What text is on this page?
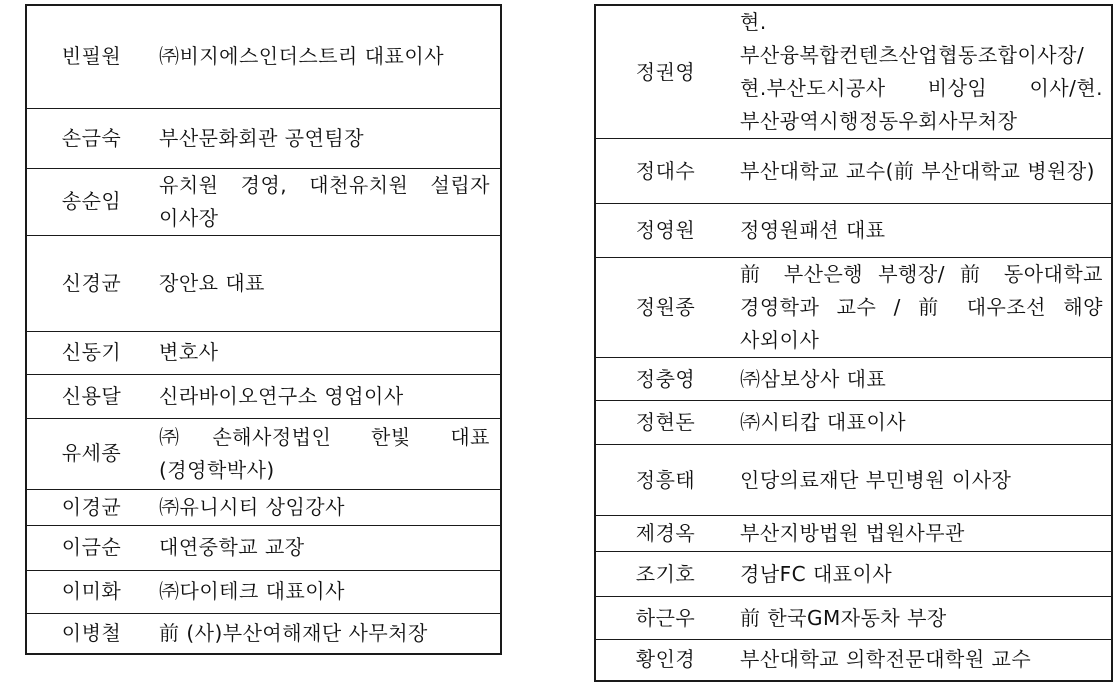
빈필원	㈜비지에스인더스트리 대표이사
손금숙	부산문화회관 공연팀장
송순임	유치원 경영, 대천유치원 설립자 이사장
신경균	장안요 대표
신동기	변호사
신용달	신라바이오연구소 영업이사
유세종	㈜손해사정법인 한빛 대표(경영학박사)
이경균	㈜유니시티 상임강사
이금순	대연중학교 교장
이미화	㈜다이테크 대표이사
이병철	前 (사)부산여해재단 사무처장
정권영	현.부산융복합컨텐츠산업협동조합이사장/현.부산도시공사 비상임 이사/현.부산광역시행정동우회사무처장
정대수	부산대학교 교수(前 부산대학교 병원장)
정영원	정영원패션 대표
정원종	前 부산은행 부행장/ 前 동아대학교 경영학과 교수 / 前 대우조선 해양 사외이사
정충영	㈜삼보상사 대표
정현돈	㈜시티캅 대표이사
정흥태	인당의료재단 부민병원 이사장
제경옥	부산지방법원 법원사무관
조기호	경남FC 대표이사
하근우	前 한국GM자동차 부장
황인경	부산대학교 의학전문대학원 교수
